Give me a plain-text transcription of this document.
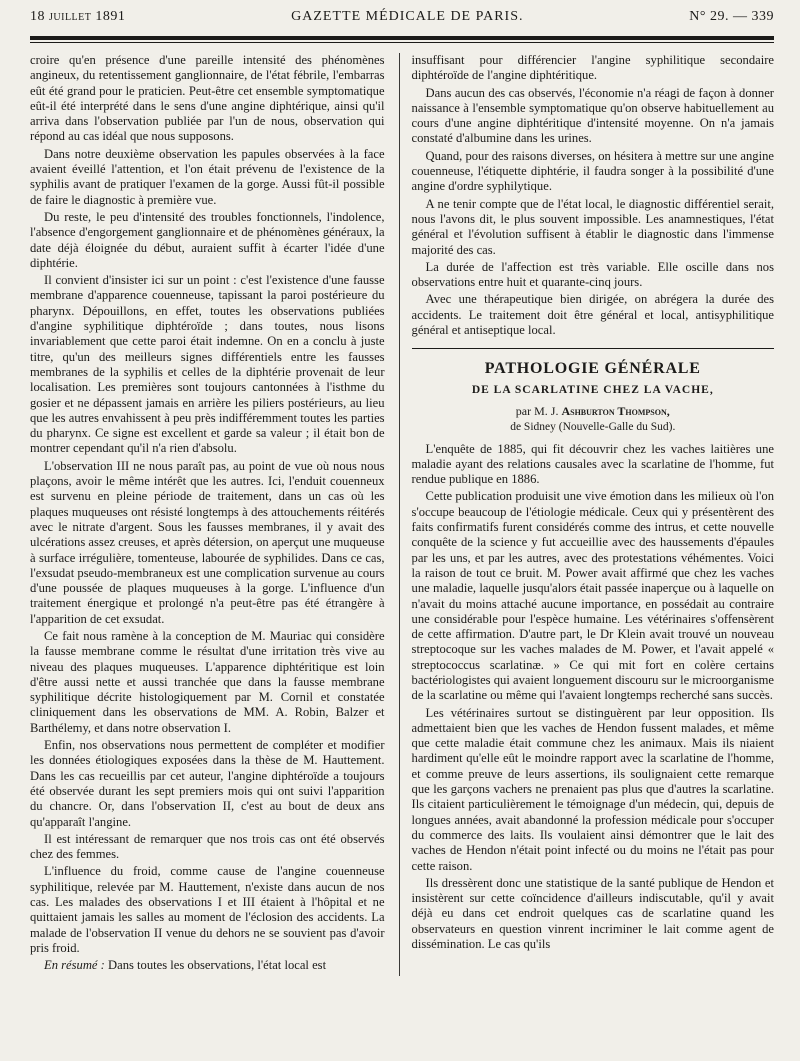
18 juillet 1891	GAZETTE MÉDICALE DE PARIS.	N° 29. — 339

croire qu'en présence d'une pareille intensité des phénomènes angineux, du retentissement ganglionnaire, de l'état fébrile, l'embarras eût été grand pour le praticien. Peut-être cet ensemble symptomatique eût-il été interprété dans le sens d'une angine diphtérique, ainsi qu'il arriva dans l'observation publiée par l'un de nous, observation qui répond au cas idéal que nous supposons.

Dans notre deuxième observation les papules observées à la face avaient éveillé l'attention, et l'on était prévenu de l'existence de la syphilis avant de pratiquer l'examen de la gorge. Aussi fût-il possible de faire le diagnostic à première vue.

Du reste, le peu d'intensité des troubles fonctionnels, l'indolence, l'absence d'engorgement ganglionnaire et de phénomènes généraux, la date déjà éloignée du début, auraient suffit à écarter l'idée d'une diphtérie.

Il convient d'insister ici sur un point : c'est l'existence d'une fausse membrane d'apparence couenneuse, tapissant la paroi postérieure du pharynx. Dépouillons, en effet, toutes les observations publiées d'angine syphilitique diphtéroïde ; dans toutes, nous lisons invariablement que cette paroi était indemne. On en a conclu à juste titre, qu'un des meilleurs signes différentiels entre les fausses membranes de la syphilis et celles de la diphtérie provenait de leur localisation. Les premières sont toujours cantonnées à l'isthme du gosier et ne dépassent jamais en arrière les piliers postérieurs, au lieu que les autres envahissent à peu près indifféremment toutes les parties du pharynx. Ce signe est excellent et garde sa valeur ; il était bon de montrer cependant qu'il n'a rien d'absolu.

L'observation III ne nous paraît pas, au point de vue où nous nous plaçons, avoir le même intérêt que les autres. Ici, l'enduit couenneux est survenu en pleine période de traitement, dans un cas où les plaques muqueuses ont résisté longtemps à des attouchements réitérés avec le nitrate d'argent. Sous les fausses membranes, il y avait des ulcérations assez creuses, et après détersion, on aperçut une muqueuse à surface irrégulière, tomenteuse, labourée de syphilides. Dans ce cas, l'exsudat pseudo-membraneux est une complication survenue au cours d'une poussée de plaques muqueuses à la gorge. L'influence d'un traitement énergique et prolongé n'a peut-être pas été étrangère à l'apparition de cet exsudat.

Ce fait nous ramène à la conception de M. Mauriac qui considère la fausse membrane comme le résultat d'une irritation très vive au niveau des plaques muqueuses. L'apparence diphtéritique est loin d'être aussi nette et aussi tranchée que dans la fausse membrane syphilitique décrite histologiquement par M. Cornil et constatée cliniquement dans les observations de MM. A. Robin, Balzer et Barthélemy, et dans notre observation I.

Enfin, nos observations nous permettent de compléter et modifier les données étiologiques exposées dans la thèse de M. Hauttement. Dans les cas recueillis par cet auteur, l'angine diphtéroïde a toujours été observée durant les sept premiers mois qui ont suivi l'apparition du chancre. Or, dans l'observation II, c'est au bout de deux ans qu'apparaît l'angine.

Il est intéressant de remarquer que nos trois cas ont été observés chez des femmes.

L'influence du froid, comme cause de l'angine couenneuse syphilitique, relevée par M. Hauttement, n'existe dans aucun de nos cas. Les malades des observations I et III étaient à l'hôpital et ne quittaient jamais les salles au moment de l'éclosion des accidents. La malade de l'observation II venue du dehors ne se souvient pas d'avoir pris froid.

En résumé : Dans toutes les observations, l'état local est

insuffisant pour différencier l'angine syphilitique secondaire diphtéroïde de l'angine diphtéritique.

Dans aucun des cas observés, l'économie n'a réagi de façon à donner naissance à l'ensemble symptomatique qu'on observe habituellement au cours d'une angine diphtéritique d'intensité moyenne. On n'a jamais constaté d'albumine dans les urines.

Quand, pour des raisons diverses, on hésitera à mettre sur une angine couenneuse, l'étiquette diphtérie, il faudra songer à la possibilité d'une angine d'ordre syphilytique.

A ne tenir compte que de l'état local, le diagnostic différentiel serait, nous l'avons dit, le plus souvent impossible. Les anamnestiques, l'état général et l'évolution suffisent à établir le diagnostic dans l'immense majorité des cas.

La durée de l'affection est très variable. Elle oscille dans nos observations entre huit et quarante-cinq jours.

Avec une thérapeutique bien dirigée, on abrégera la durée des accidents. Le traitement doit être général et local, antisyphilitique général et antiseptique local.

PATHOLOGIE GÉNÉRALE
DE LA SCARLATINE CHEZ LA VACHE,
par M. J. Ashburton Thompson,
de Sidney (Nouvelle-Galle du Sud).

L'enquête de 1885, qui fit découvrir chez les vaches laitières une maladie ayant des relations causales avec la scarlatine de l'homme, fut rendue publique en 1886.

Cette publication produisit une vive émotion dans les milieux où l'on s'occupe beaucoup de l'étiologie médicale. Ceux qui y présentèrent des faits confirmatifs furent considérés comme des intrus, et cette nouvelle conquête de la science y fut accueillie avec des haussements d'épaules par les uns, et par les autres, avec des protestations véhémentes. Voici la raison de tout ce bruit. M. Power avait affirmé que chez les vaches une maladie, laquelle jusqu'alors était passée inaperçue ou à laquelle on n'avait du moins attaché aucune importance, en possédait au contraire une considérable pour l'espèce humaine. Les vétérinaires s'offensèrent de cette affirmation. D'autre part, le Dr Klein avait trouvé un nouveau streptocoque sur les vaches malades de M. Power, et l'avait appelé « streptococcus scarlatinæ. » Ce qui mit fort en colère certains bactériologistes qui avaient longuement discouru sur le microorganisme de la scarlatine ou même qui l'avaient longtemps recherché sans succès.

Les vétérinaires surtout se distinguèrent par leur opposition. Ils admettaient bien que les vaches de Hendon fussent malades, et même que cette maladie était commune chez les animaux. Mais ils niaient hardiment qu'elle eût le moindre rapport avec la scarlatine de l'homme, et comme preuve de leurs assertions, ils soulignaient cette remarque que les garçons vachers ne prenaient pas plus que d'autres la scarlatine. Ils citaient particulièrement le témoignage d'un médecin, qui, depuis de longues années, avait abandonné la profession médicale pour s'occuper du commerce des laits. Ils voulaient ainsi démontrer que le lait des vaches de Hendon n'était point infecté ou du moins ne l'était pas pour cette raison.

Ils dressèrent donc une statistique de la santé publique de Hendon et insistèrent sur cette coïncidence d'ailleurs indiscutable, qu'il y avait déjà eu dans cet endroit quelques cas de scarlatine quand les observateurs en question vinrent incriminer le lait comme agent de dissémination. Le cas qu'ils
